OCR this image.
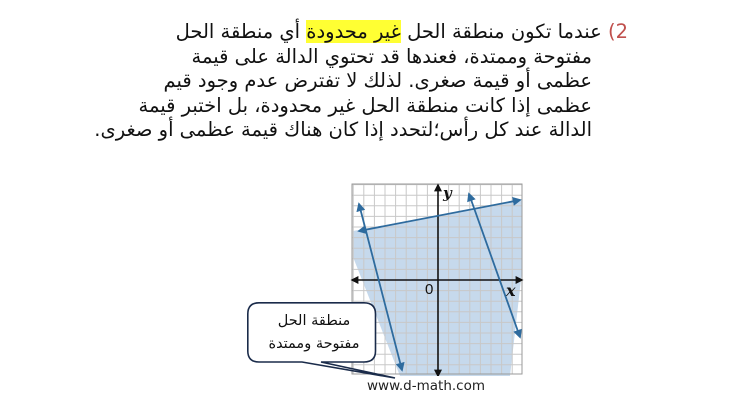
2) عندما تكون منطقة الحل غير محدودة أي منطقة الحل
مفتوحة وممتدة، فعندها قد تحتوي الدالة على قيمة
عظمى أو قيمة صغرى. لذلك لا تفترض عدم وجود قيم
عظمى إذا كانت منطقة الحل غير محدودة، بل اختبر قيمة
الدالة عند كل رأس؛لتحدد إذا كان هناك قيمة عظمى أو صغرى.
y
x
0
منطقة الحل
مفتوحة وممتدة
www.d-math.com
